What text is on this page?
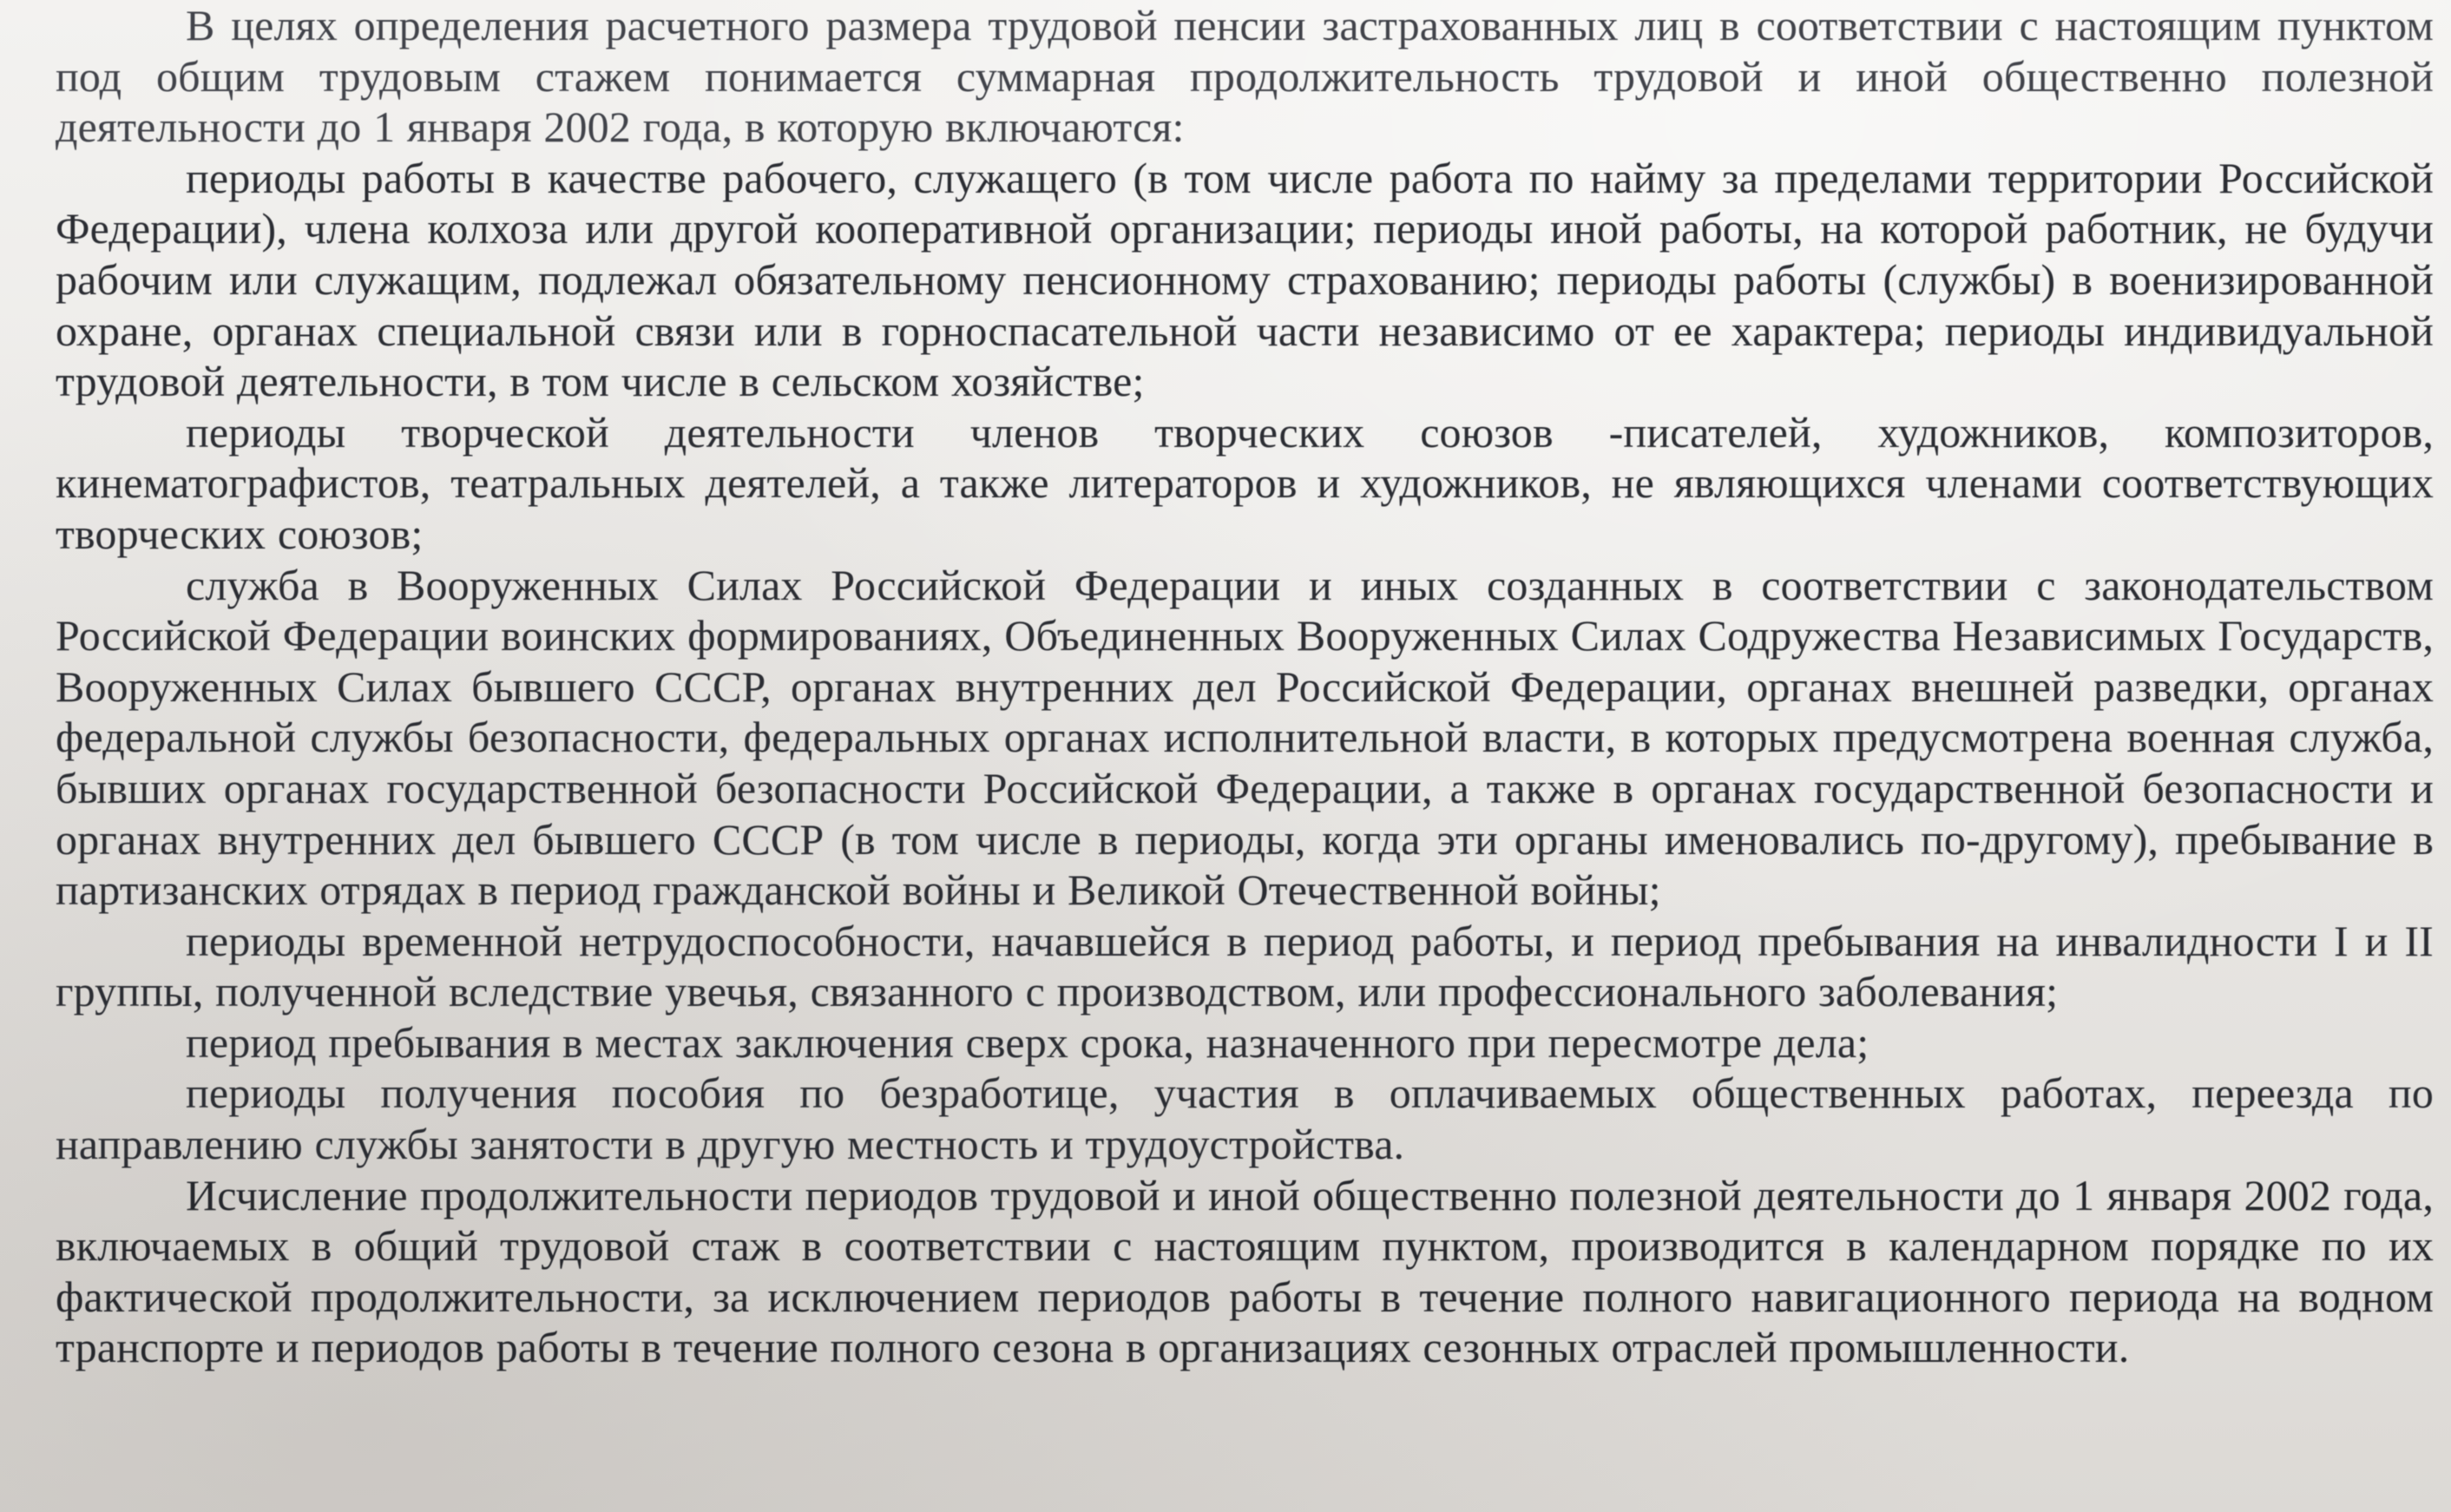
В целях определения расчетного размера трудовой пенсии застрахованных лиц в соответствии с настоящим пунктом под общим трудовым стажем понимается суммарная продолжительность трудовой и иной общественно полезной деятельности до 1 января 2002 года, в которую включаются:

периоды работы в качестве рабочего, служащего (в том числе работа по найму за пределами территории Российской Федерации), члена колхоза или другой кооперативной организации; периоды иной работы, на которой работник, не будучи рабочим или служащим, подлежал обязательному пенсионному страхованию; периоды работы (службы) в военизированной охране, органах специальной связи или в горноспасательной части независимо от ее характера; периоды индивидуальной трудовой деятельности, в том числе в сельском хозяйстве;

периоды творческой деятельности членов творческих союзов -писателей, художников, композиторов, кинематографистов, театральных деятелей, а также литераторов и художников, не являющихся членами соответствующих творческих союзов;

служба в Вооруженных Силах Российской Федерации и иных созданных в соответствии с законодательством Российской Федерации воинских формированиях, Объединенных Вооруженных Силах Содружества Независимых Государств, Вооруженных Силах бывшего СССР, органах внутренних дел Российской Федерации, органах внешней разведки, органах федеральной службы безопасности, федеральных органах исполнительной власти, в которых предусмотрена военная служба, бывших органах государственной безопасности Российской Федерации, а также в органах государственной безопасности и органах внутренних дел бывшего СССР (в том числе в периоды, когда эти органы именовались по-другому), пребывание в партизанских отрядах в период гражданской войны и Великой Отечественной войны;

периоды временной нетрудоспособности, начавшейся в период работы, и период пребывания на инвалидности I и II группы, полученной вследствие увечья, связанного с производством, или профессионального заболевания;

период пребывания в местах заключения сверх срока, назначенного при пересмотре дела;

периоды получения пособия по безработице, участия в оплачиваемых общественных работах, переезда по направлению службы занятости в другую местность и трудоустройства.

Исчисление продолжительности периодов трудовой и иной общественно полезной деятельности до 1 января 2002 года, включаемых в общий трудовой стаж в соответствии с настоящим пунктом, производится в календарном порядке по их фактической продолжительности, за исключением периодов работы в течение полного навигационного периода на водном транспорте и периодов работы в течение полного сезона в организациях сезонных отраслей промышленности.
